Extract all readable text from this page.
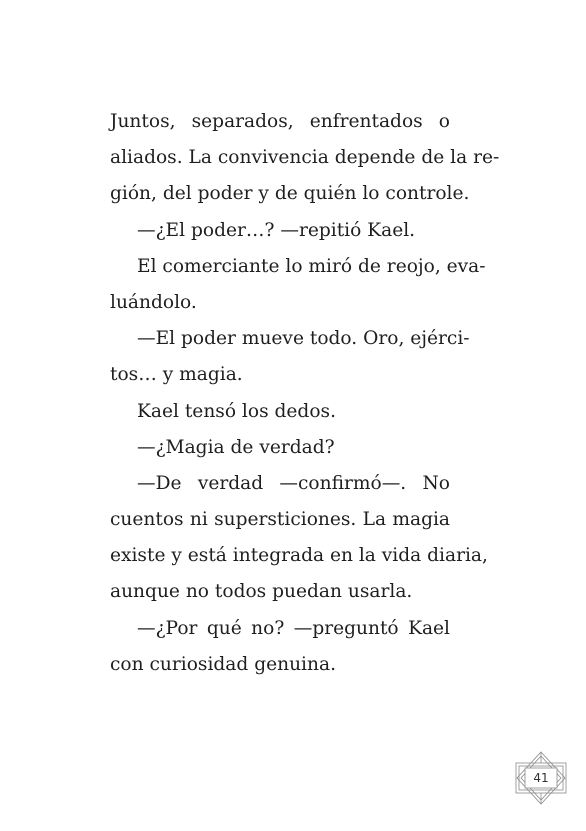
Juntos, separados, enfrentados o
aliados. La convivencia depende de la re-
gión, del poder y de quién lo controle.
—¿El poder…? —repitió Kael.
El comerciante lo miró de reojo, eva-
luándolo.
—El poder mueve todo. Oro, ejérci-
tos… y magia.
Kael tensó los dedos.
—¿Magia de verdad?
—De verdad —confirmó—. No
cuentos ni supersticiones. La magia
existe y está integrada en la vida diaria,
aunque no todos puedan usarla.
—¿Por qué no? —preguntó Kael
con curiosidad genuina.
41
